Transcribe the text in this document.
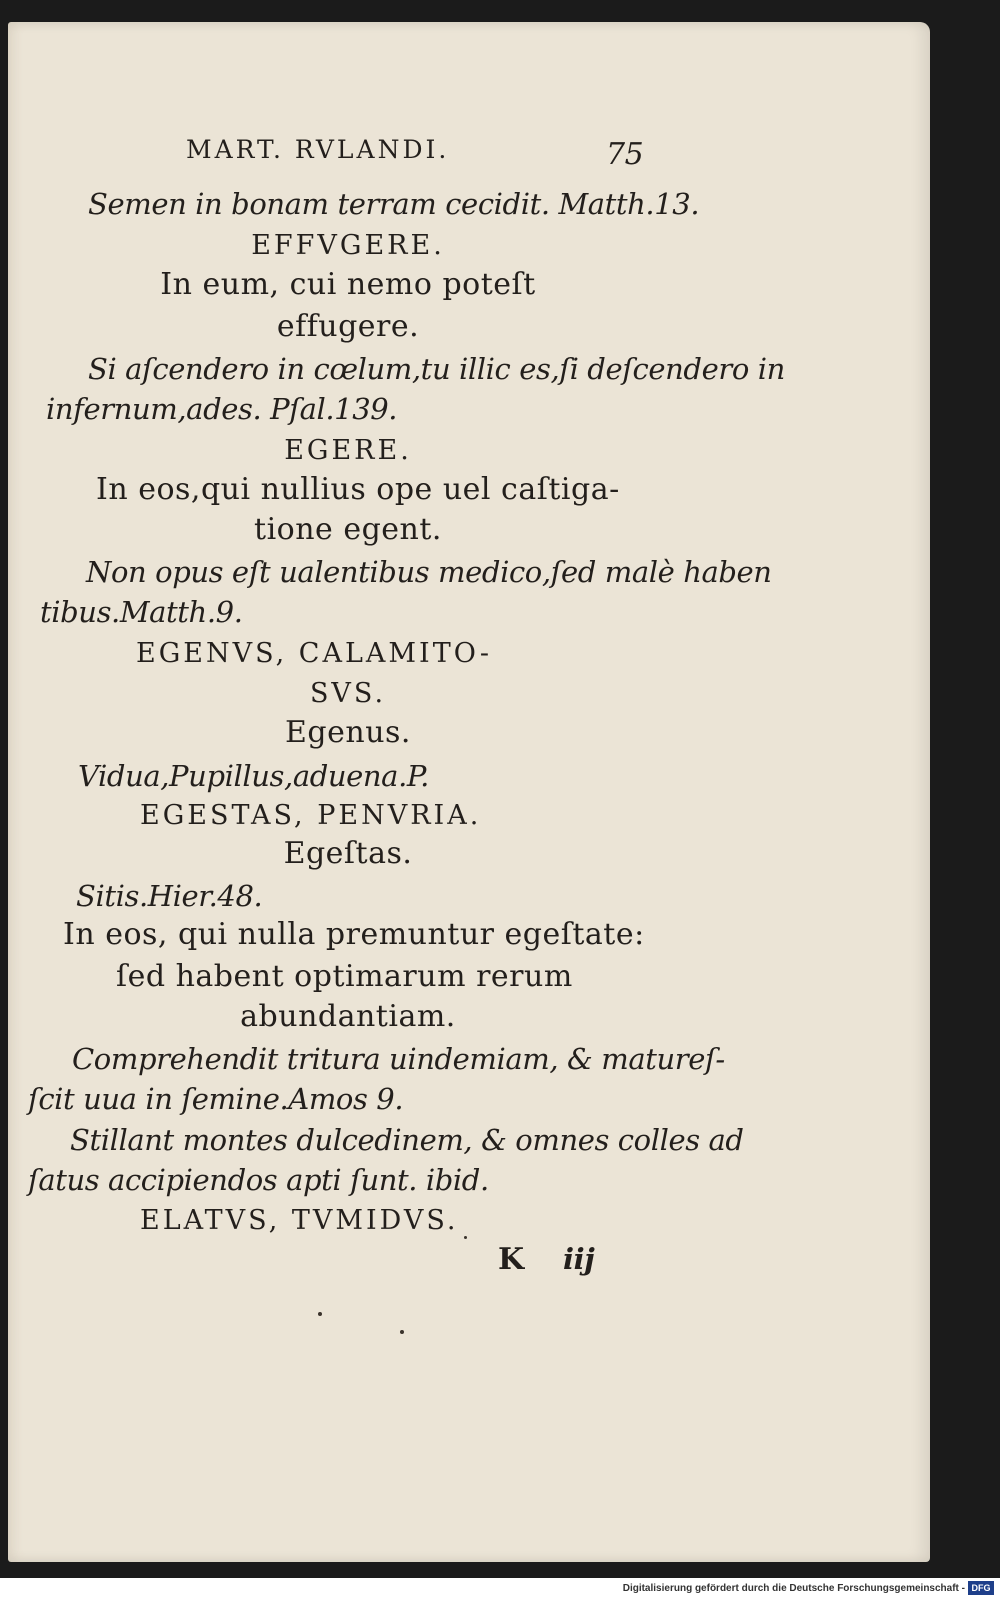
MART. RVLANDI.	75
Semen in bonam terram cecidit. Matth.13.
EFFVGERE.
In eum, cui nemo poteſt
effugere.
Si aſcendero in cœlum,tu illic es,ſi deſcendero in
infernum,ades. Pſal.139.
EGERE.
In eos,qui nullius ope uel caſtiga-
tione egent.
Non opus eſt ualentibus medico,ſed malè haben
tibus.Matth.9.
EGENVS, CALAMITO-
SVS.
Egenus.
Vidua,Pupillus,aduena.P.
EGESTAS, PENVRIA.
Egeſtas.
Sitis.Hier.48.
In eos, qui nulla premuntur egeſtate:
ſed habent optimarum rerum
abundantiam.
Comprehendit tritura uindemiam, & matureſ-
ſcit uua in ſemine.Amos 9.
Stillant montes dulcedinem, & omnes colles ad
ſatus accipiendos apti ſunt. ibid.
ELATVS, TVMIDVS.
K iij
Digitalisierung gefördert durch die Deutsche Forschungsgemeinschaft - DFG
